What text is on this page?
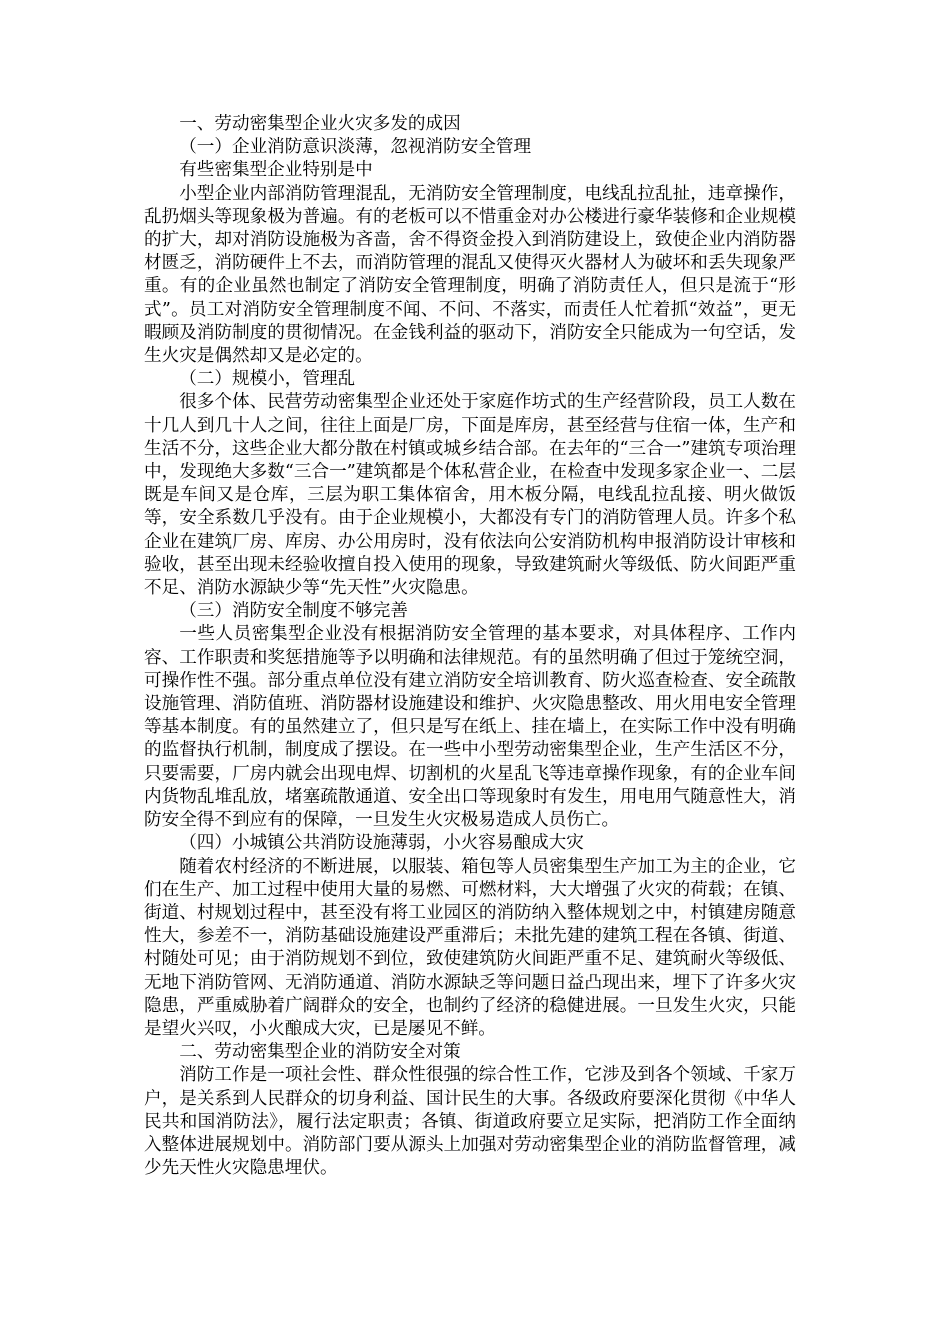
一、劳动密集型企业火灾多发的成因

（一）企业消防意识淡薄，忽视消防安全管理

有些密集型企业特别是中

小型企业内部消防管理混乱，无消防安全管理制度，电线乱拉乱扯，违章操作，乱扔烟头等现象极为普遍。有的老板可以不惜重金对办公楼进行豪华装修和企业规模的扩大，却对消防设施极为吝啬，舍不得资金投入到消防建设上，致使企业内消防器材匮乏，消防硬件上不去，而消防管理的混乱又使得灭火器材人为破坏和丢失现象严重。有的企业虽然也制定了消防安全管理制度，明确了消防责任人，但只是流于“形式”。员工对消防安全管理制度不闻、不问、不落实，而责任人忙着抓“效益”，更无暇顾及消防制度的贯彻情况。在金钱利益的驱动下，消防安全只能成为一句空话，发生火灾是偶然却又是必定的。

（二）规模小，管理乱

很多个体、民营劳动密集型企业还处于家庭作坊式的生产经营阶段，员工人数在十几人到几十人之间，往往上面是厂房，下面是库房，甚至经营与住宿一体，生产和生活不分，这些企业大都分散在村镇或城乡结合部。在去年的“三合一”建筑专项治理中，发现绝大多数“三合一”建筑都是个体私营企业，在检查中发现多家企业一、二层既是车间又是仓库，三层为职工集体宿舍，用木板分隔，电线乱拉乱接、明火做饭等，安全系数几乎没有。由于企业规模小，大都没有专门的消防管理人员。许多个私企业在建筑厂房、库房、办公用房时，没有依法向公安消防机构申报消防设计审核和验收，甚至出现未经验收擅自投入使用的现象，导致建筑耐火等级低、防火间距严重不足、消防水源缺少等“先天性”火灾隐患。

（三）消防安全制度不够完善

一些人员密集型企业没有根据消防安全管理的基本要求，对具体程序、工作内容、工作职责和奖惩措施等予以明确和法律规范。有的虽然明确了但过于笼统空洞，可操作性不强。部分重点单位没有建立消防安全培训教育、防火巡查检查、安全疏散设施管理、消防值班、消防器材设施建设和维护、火灾隐患整改、用火用电安全管理等基本制度。有的虽然建立了，但只是写在纸上、挂在墙上，在实际工作中没有明确的监督执行机制，制度成了摆设。在一些中小型劳动密集型企业，生产生活区不分，只要需要，厂房内就会出现电焊、切割机的火星乱飞等违章操作现象，有的企业车间内货物乱堆乱放，堵塞疏散通道、安全出口等现象时有发生，用电用气随意性大，消防安全得不到应有的保障，一旦发生火灾极易造成人员伤亡。

（四）小城镇公共消防设施薄弱，小火容易酿成大灾

随着农村经济的不断进展，以服装、箱包等人员密集型生产加工为主的企业，它们在生产、加工过程中使用大量的易燃、可燃材料，大大增强了火灾的荷载；在镇、街道、村规划过程中，甚至没有将工业园区的消防纳入整体规划之中，村镇建房随意性大，参差不一，消防基础设施建设严重滞后；未批先建的建筑工程在各镇、街道、村随处可见；由于消防规划不到位，致使建筑防火间距严重不足、建筑耐火等级低、无地下消防管网、无消防通道、消防水源缺乏等问题日益凸现出来，埋下了许多火灾隐患，严重威胁着广阔群众的安全，也制约了经济的稳健进展。一旦发生火灾，只能是望火兴叹，小火酿成大灾，已是屡见不鲜。

二、劳动密集型企业的消防安全对策

消防工作是一项社会性、群众性很强的综合性工作，它涉及到各个领域、千家万户，是关系到人民群众的切身利益、国计民生的大事。各级政府要深化贯彻《中华人民共和国消防法》，履行法定职责；各镇、街道政府要立足实际，把消防工作全面纳入整体进展规划中。消防部门要从源头上加强对劳动密集型企业的消防监督管理，减少先天性火灾隐患埋伏。
